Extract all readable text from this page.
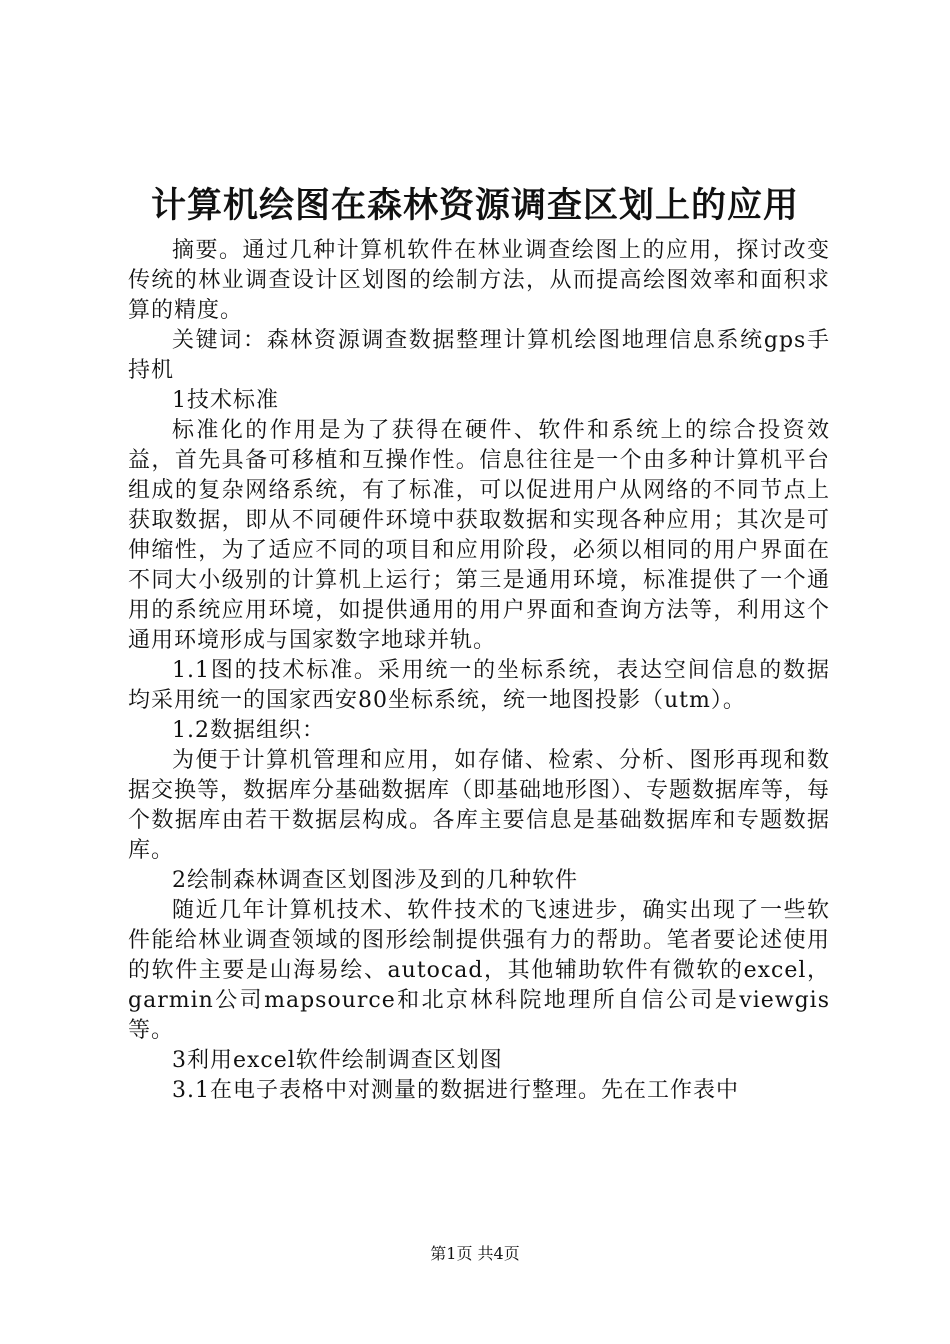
计算机绘图在森林资源调查区划上的应用

摘要。通过几种计算机软件在林业调查绘图上的应用，探讨改变传统的林业调查设计区划图的绘制方法，从而提高绘图效率和面积求算的精度。

关键词：森林资源调查数据整理计算机绘图地理信息系统gps手持机

1技术标准

标准化的作用是为了获得在硬件、软件和系统上的综合投资效益，首先具备可移植和互操作性。信息往往是一个由多种计算机平台组成的复杂网络系统，有了标准，可以促进用户从网络的不同节点上获取数据，即从不同硬件环境中获取数据和实现各种应用；其次是可伸缩性，为了适应不同的项目和应用阶段，必须以相同的用户界面在不同大小级别的计算机上运行；第三是通用环境，标准提供了一个通用的系统应用环境，如提供通用的用户界面和查询方法等，利用这个通用环境形成与国家数字地球并轨。

1.1图的技术标准。采用统一的坐标系统，表达空间信息的数据均采用统一的国家西安80坐标系统，统一地图投影（utm）。

1.2数据组织：

为便于计算机管理和应用，如存储、检索、分析、图形再现和数据交换等，数据库分基础数据库（即基础地形图）、专题数据库等，每个数据库由若干数据层构成。各库主要信息是基础数据库和专题数据库。

2绘制森林调查区划图涉及到的几种软件

随近几年计算机技术、软件技术的飞速进步，确实出现了一些软件能给林业调查领域的图形绘制提供强有力的帮助。笔者要论述使用的软件主要是山海易绘、autocad，其他辅助软件有微软的excel，garmin公司mapsource和北京林科院地理所自信公司是viewgis等。

3利用excel软件绘制调查区划图

3.1在电子表格中对测量的数据进行整理。先在工作表中

第1页 共4页
